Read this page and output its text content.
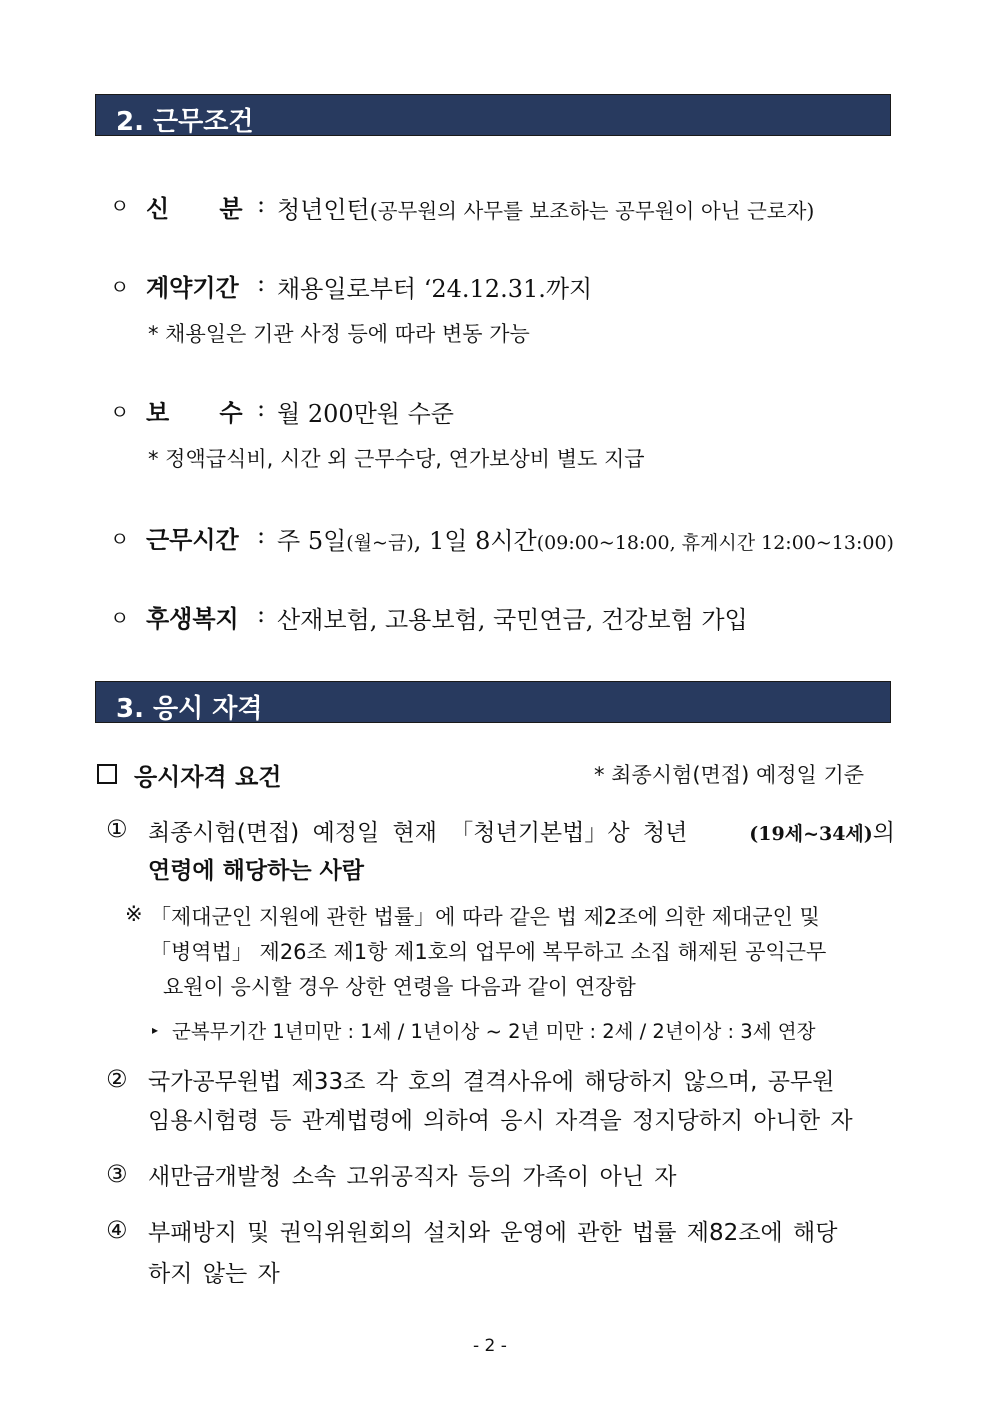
2. 근무조건
ㅇ 신      분 : 청년인턴(공무원의 사무를 보조하는 공무원이 아닌 근로자)
ㅇ 계약기간 : 채용일로부터 ‘24.12.31.까지
* 채용일은 기관 사정 등에 따라 변동 가능
ㅇ 보      수 : 월 200만원 수준
* 정액급식비, 시간 외 근무수당, 연가보상비 별도 지급
ㅇ 근무시간 : 주 5일(월~금), 1일 8시간(09:00~18:00, 휴게시간 12:00~13:00)
ㅇ 후생복지 : 산재보험, 고용보험, 국민연금, 건강보험 가입
3. 응시 자격
응시자격 요건	* 최종시험(면접) 예정일 기준
① 최종시험(면접) 예정일 현재 「청년기본법」상 청년	(19세~34세)의
연령에 해당하는 사람
※ 「제대군인 지원에 관한 법률」에 따라 같은 법 제2조에 의한 제대군인 및
「병역법」 제26조 제1항 제1호의 업무에 복무하고 소집 해제된 공익근무
요원이 응시할 경우 상한 연령을 다음과 같이 연장함
▸ 군복무기간 1년미만 : 1세 / 1년이상 ~ 2년 미만 : 2세 / 2년이상 : 3세 연장
② 국가공무원법 제33조 각 호의 결격사유에 해당하지 않으며, 공무원
임용시험령 등 관계법령에 의하여 응시 자격을 정지당하지 아니한 자
③ 새만금개발청 소속 고위공직자 등의 가족이 아닌 자
④ 부패방지 및 권익위원회의 설치와 운영에 관한 법률 제82조에 해당
하지 않는 자
- 2 -
